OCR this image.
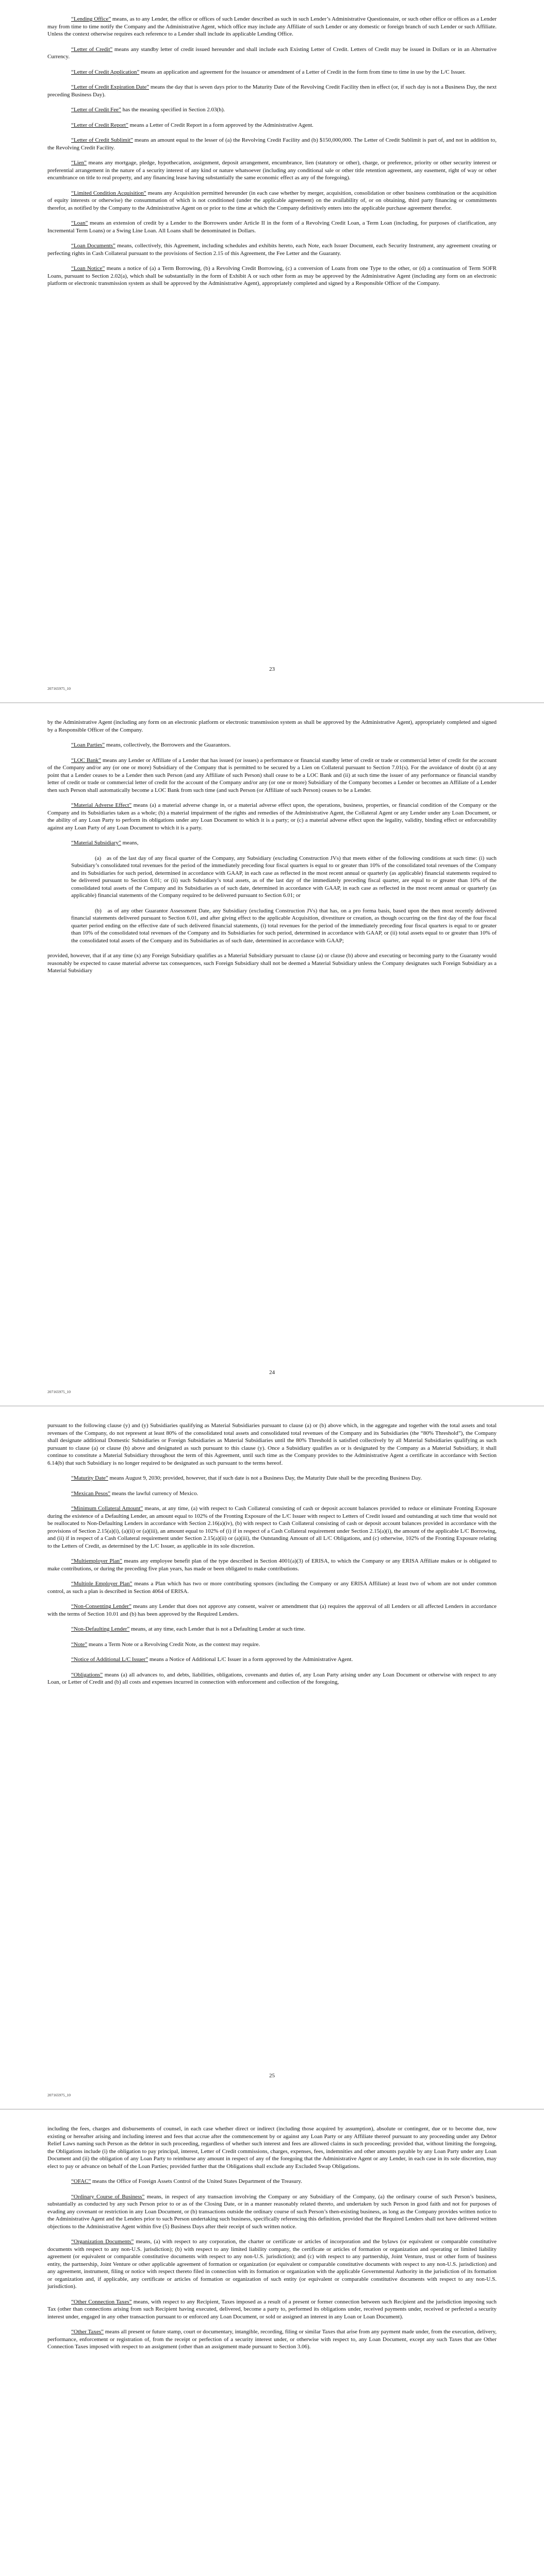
“Lending Office” means, as to any Lender, the office or offices of such Lender described as such in such Lender’s Administrative Questionnaire, or such other office or offices as a Lender may from time to time notify the Company and the Administrative Agent, which office may include any Affiliate of such Lender or any domestic or foreign branch of such Lender or such Affiliate. Unless the context otherwise requires each reference to a Lender shall include its applicable Lending Office.

“Letter of Credit” means any standby letter of credit issued hereunder and shall include each Existing Letter of Credit. Letters of Credit may be issued in Dollars or in an Alternative Currency.

“Letter of Credit Application” means an application and agreement for the issuance or amendment of a Letter of Credit in the form from time to time in use by the L/C Issuer.

“Letter of Credit Expiration Date” means the day that is seven days prior to the Maturity Date of the Revolving Credit Facility then in effect (or, if such day is not a Business Day, the next preceding Business Day).

“Letter of Credit Fee” has the meaning specified in Section 2.03(h).

“Letter of Credit Report” means a Letter of Credit Report in a form approved by the Administrative Agent.

“Letter of Credit Sublimit” means an amount equal to the lesser of (a) the Revolving Credit Facility and (b) $150,000,000. The Letter of Credit Sublimit is part of, and not in addition to, the Revolving Credit Facility.

“Lien” means any mortgage, pledge, hypothecation, assignment, deposit arrangement, encumbrance, lien (statutory or other), charge, or preference, priority or other security interest or preferential arrangement in the nature of a security interest of any kind or nature whatsoever (including any conditional sale or other title retention agreement, any easement, right of way or other encumbrance on title to real property, and any financing lease having substantially the same economic effect as any of the foregoing).

“Limited Condition Acquisition” means any Acquisition permitted hereunder (in each case whether by merger, acquisition, consolidation or other business combination or the acquisition of equity interests or otherwise) the consummation of which is not conditioned (under the applicable agreement) on the availability of, or on obtaining, third party financing or commitments therefor, as notified by the Company to the Administrative Agent on or prior to the time at which the Company definitively enters into the applicable purchase agreement therefor.

“Loan” means an extension of credit by a Lender to the Borrowers under Article II in the form of a Revolving Credit Loan, a Term Loan (including, for purposes of clarification, any Incremental Term Loans) or a Swing Line Loan. All Loans shall be denominated in Dollars.

“Loan Documents” means, collectively, this Agreement, including schedules and exhibits hereto, each Note, each Issuer Document, each Security Instrument, any agreement creating or perfecting rights in Cash Collateral pursuant to the provisions of Section 2.15 of this Agreement, the Fee Letter and the Guaranty.

“Loan Notice” means a notice of (a) a Term Borrowing, (b) a Revolving Credit Borrowing, (c) a conversion of Loans from one Type to the other, or (d) a continuation of Term SOFR Loans, pursuant to Section 2.02(a), which shall be substantially in the form of Exhibit A or such other form as may be approved by the Administrative Agent (including any form on an electronic platform or electronic transmission system as shall be approved by the Administrative Agent), appropriately completed and signed by a Responsible Officer of the Company.

23
207165975_10

by the Administrative Agent (including any form on an electronic platform or electronic transmission system as shall be approved by the Administrative Agent), appropriately completed and signed by a Responsible Officer of the Company.

“Loan Parties” means, collectively, the Borrowers and the Guarantors.

“LOC Bank” means any Lender or Affiliate of a Lender that has issued (or issues) a performance or financial standby letter of credit or trade or commercial letter of credit for the account of the Company and/or any (or one or more) Subsidiary of the Company that is permitted to be secured by a Lien on Collateral pursuant to Section 7.01(s). For the avoidance of doubt (i) at any point that a Lender ceases to be a Lender then such Person (and any Affiliate of such Person) shall cease to be a LOC Bank and (ii) at such time the issuer of any performance or financial standby letter of credit or trade or commercial letter of credit for the account of the Company and/or any (or one or more) Subsidiary of the Company becomes a Lender or becomes an Affiliate of a Lender then such Person shall automatically become a LOC Bank from such time (and such Person (or Affiliate of such Person) ceases to be a Lender.

“Material Adverse Effect” means (a) a material adverse change in, or a material adverse effect upon, the operations, business, properties, or financial condition of the Company or the Company and its Subsidiaries taken as a whole; (b) a material impairment of the rights and remedies of the Administrative Agent, the Collateral Agent or any Lender under any Loan Document, or the ability of any Loan Party to perform its obligations under any Loan Document to which it is a party; or (c) a material adverse effect upon the legality, validity, binding effect or enforceability against any Loan Party of any Loan Document to which it is a party.

“Material Subsidiary” means,

(a)   as of the last day of any fiscal quarter of the Company, any Subsidiary (excluding Construction JVs) that meets either of the following conditions at such time: (i) such Subsidiary’s consolidated total revenues for the period of the immediately preceding four fiscal quarters is equal to or greater than 10% of the consolidated total revenues of the Company and its Subsidiaries for such period, determined in accordance with GAAP, in each case as reflected in the most recent annual or quarterly (as applicable) financial statements required to be delivered pursuant to Section 6.01; or (ii) such Subsidiary’s total assets, as of the last day of the immediately preceding fiscal quarter, are equal to or greater than 10% of the consolidated total assets of the Company and its Subsidiaries as of such date, determined in accordance with GAAP, in each case as reflected in the most recent annual or quarterly (as applicable) financial statements of the Company required to be delivered pursuant to Section 6.01; or

(b)   as of any other Guarantor Assessment Date, any Subsidiary (excluding Construction JVs) that has, on a pro forma basis, based upon the then most recently delivered financial statements delivered pursuant to Section 6.01, and after giving effect to the applicable Acquisition, divestiture or creation, as though occurring on the first day of the four fiscal quarter period ending on the effective date of such delivered financial statements, (i) total revenues for the period of the immediately preceding four fiscal quarters is equal to or greater than 10% of the consolidated total revenues of the Company and its Subsidiaries for such period, determined in accordance with GAAP, or (ii) total assets equal to or greater than 10% of the consolidated total assets of the Company and its Subsidiaries as of such date, determined in accordance with GAAP;

provided, however, that if at any time (x) any Foreign Subsidiary qualifies as a Material Subsidiary pursuant to clause (a) or clause (b) above and executing or becoming party to the Guaranty would reasonably be expected to cause material adverse tax consequences, such Foreign Subsidiary shall not be deemed a Material Subsidiary unless the Company designates such Foreign Subsidiary as a Material Subsidiary

24
207165975_10

pursuant to the following clause (y) and (y) Subsidiaries qualifying as Material Subsidiaries pursuant to clause (a) or (b) above which, in the aggregate and together with the total assets and total revenues of the Company, do not represent at least 80% of the consolidated total assets and consolidated total revenues of the Company and its Subsidiaries (the “80% Threshold”), the Company shall designate additional Domestic Subsidiaries or Foreign Subsidiaries as Material Subsidiaries until the 80% Threshold is satisfied collectively by all Material Subsidiaries qualifying as such pursuant to clause (a) or clause (b) above and designated as such pursuant to this clause (y). Once a Subsidiary qualifies as or is designated by the Company as a Material Subsidiary, it shall continue to constitute a Material Subsidiary throughout the term of this Agreement, until such time as the Company provides to the Administrative Agent a certificate in accordance with Section 6.14(b) that such Subsidiary is no longer required to be designated as such pursuant to the terms hereof.

“Maturity Date” means August 9, 2030; provided, however, that if such date is not a Business Day, the Maturity Date shall be the preceding Business Day.

“Mexican Pesos” means the lawful currency of Mexico.

“Minimum Collateral Amount” means, at any time, (a) with respect to Cash Collateral consisting of cash or deposit account balances provided to reduce or eliminate Fronting Exposure during the existence of a Defaulting Lender, an amount equal to 102% of the Fronting Exposure of the L/C Issuer with respect to Letters of Credit issued and outstanding at such time that would not be reallocated to Non-Defaulting Lenders in accordance with Section 2.16(a)(iv), (b) with respect to Cash Collateral consisting of cash or deposit account balances provided in accordance with the provisions of Section 2.15(a)(i), (a)(ii) or (a)(iii), an amount equal to 102% of (i) if in respect of a Cash Collateral requirement under Section 2.15(a)(i), the amount of the applicable L/C Borrowing, and (ii) if in respect of a Cash Collateral requirement under Section 2.15(a)(ii) or (a)(iii), the Outstanding Amount of all L/C Obligations, and (c) otherwise, 102% of the Fronting Exposure relating to the Letters of Credit, as determined by the L/C Issuer, as applicable in its sole discretion.

“Multiemployer Plan” means any employee benefit plan of the type described in Section 4001(a)(3) of ERISA, to which the Company or any ERISA Affiliate makes or is obligated to make contributions, or during the preceding five plan years, has made or been obligated to make contributions.

“Multiple Employer Plan” means a Plan which has two or more contributing sponsors (including the Company or any ERISA Affiliate) at least two of whom are not under common control, as such a plan is described in Section 4064 of ERISA.

“Non-Consenting Lender” means any Lender that does not approve any consent, waiver or amendment that (a) requires the approval of all Lenders or all affected Lenders in accordance with the terms of Section 10.01 and (b) has been approved by the Required Lenders.

“Non-Defaulting Lender” means, at any time, each Lender that is not a Defaulting Lender at such time.

“Note” means a Term Note or a Revolving Credit Note, as the context may require.

“Notice of Additional L/C Issuer” means a Notice of Additional L/C Issuer in a form approved by the Administrative Agent.

“Obligations” means (a) all advances to, and debts, liabilities, obligations, covenants and duties of, any Loan Party arising under any Loan Document or otherwise with respect to any Loan, or Letter of Credit and (b) all costs and expenses incurred in connection with enforcement and collection of the foregoing,

25
207165975_10

including the fees, charges and disbursements of counsel, in each case whether direct or indirect (including those acquired by assumption), absolute or contingent, due or to become due, now existing or hereafter arising and including interest and fees that accrue after the commencement by or against any Loan Party or any Affiliate thereof pursuant to any proceeding under any Debtor Relief Laws naming such Person as the debtor in such proceeding, regardless of whether such interest and fees are allowed claims in such proceeding; provided that, without limiting the foregoing, the Obligations include (i) the obligation to pay principal, interest, Letter of Credit commissions, charges, expenses, fees, indemnities and other amounts payable by any Loan Party under any Loan Document and (ii) the obligation of any Loan Party to reimburse any amount in respect of any of the foregoing that the Administrative Agent or any Lender, in each case in its sole discretion, may elect to pay or advance on behalf of the Loan Parties; provided further that the Obligations shall exclude any Excluded Swap Obligations.

“OFAC” means the Office of Foreign Assets Control of the United States Department of the Treasury.

“Ordinary Course of Business” means, in respect of any transaction involving the Company or any Subsidiary of the Company, (a) the ordinary course of such Person’s business, substantially as conducted by any such Person prior to or as of the Closing Date, or in a manner reasonably related thereto, and undertaken by such Person in good faith and not for purposes of evading any covenant or restriction in any Loan Document, or (b) transactions outside the ordinary course of such Person’s then-existing business, as long as the Company provides written notice to the Administrative Agent and the Lenders prior to such Person undertaking such business, specifically referencing this definition, provided that the Required Lenders shall not have delivered written objections to the Administrative Agent within five (5) Business Days after their receipt of such written notice.

“Organization Documents” means, (a) with respect to any corporation, the charter or certificate or articles of incorporation and the bylaws (or equivalent or comparable constitutive documents with respect to any non-U.S. jurisdiction); (b) with respect to any limited liability company, the certificate or articles of formation or organization and operating or limited liability agreement (or equivalent or comparable constitutive documents with respect to any non-U.S. jurisdiction); and (c) with respect to any partnership, Joint Venture, trust or other form of business entity, the partnership, Joint Venture or other applicable agreement of formation or organization (or equivalent or comparable constitutive documents with respect to any non-U.S. jurisdiction) and any agreement, instrument, filing or notice with respect thereto filed in connection with its formation or organization with the applicable Governmental Authority in the jurisdiction of its formation or organization and, if applicable, any certificate or articles of formation or organization of such entity (or equivalent or comparable constitutive documents with respect to any non-U.S. jurisdiction).

“Other Connection Taxes” means, with respect to any Recipient, Taxes imposed as a result of a present or former connection between such Recipient and the jurisdiction imposing such Tax (other than connections arising from such Recipient having executed, delivered, become a party to, performed its obligations under, received payments under, received or perfected a security interest under, engaged in any other transaction pursuant to or enforced any Loan Document, or sold or assigned an interest in any Loan or Loan Document).

“Other Taxes” means all present or future stamp, court or documentary, intangible, recording, filing or similar Taxes that arise from any payment made under, from the execution, delivery, performance, enforcement or registration of, from the receipt or perfection of a security interest under, or otherwise with respect to, any Loan Document, except any such Taxes that are Other Connection Taxes imposed with respect to an assignment (other than an assignment made pursuant to Section 3.06).
